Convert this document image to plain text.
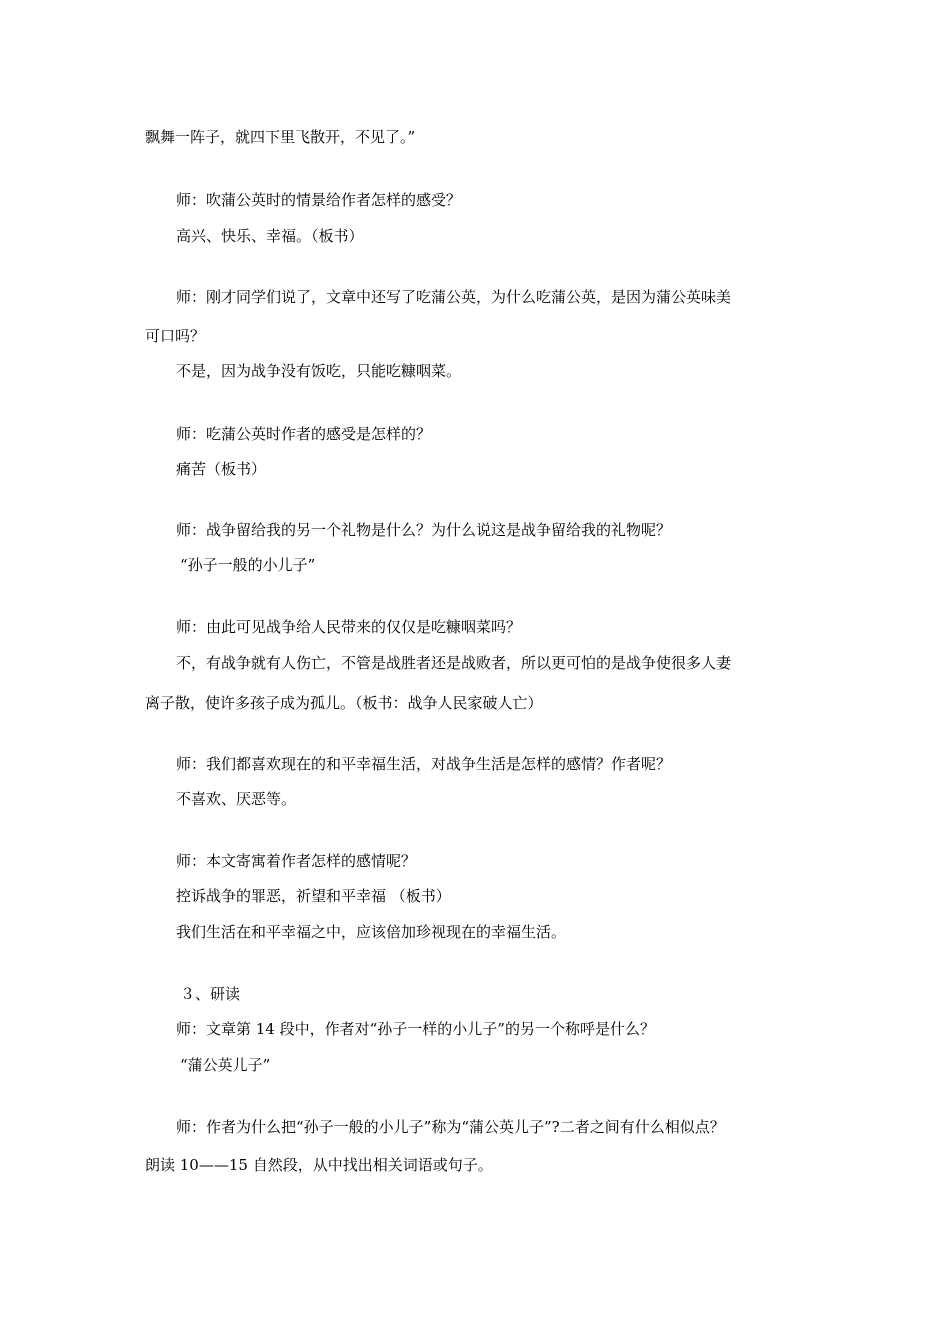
飘舞一阵子，就四下里飞散开，不见了。”
师：吹蒲公英时的情景给作者怎样的感受？
高兴、快乐、幸福。（板书）
师：刚才同学们说了，文章中还写了吃蒲公英，为什么吃蒲公英，是因为蒲公英味美
可口吗？
不是，因为战争没有饭吃，只能吃糠咽菜。
师：吃蒲公英时作者的感受是怎样的？
痛苦（板书）
师：战争留给我的另一个礼物是什么？为什么说这是战争留给我的礼物呢？
“孙子一般的小儿子”
师：由此可见战争给人民带来的仅仅是吃糠咽菜吗？
不，有战争就有人伤亡，不管是战胜者还是战败者，所以更可怕的是战争使很多人妻
离子散，使许多孩子成为孤儿。（板书：战争人民家破人亡）
师：我们都喜欢现在的和平幸福生活，对战争生活是怎样的感情？作者呢？
不喜欢、厌恶等。
师：本文寄寓着作者怎样的感情呢？
控诉战争的罪恶，祈望和平幸福 （板书）
我们生活在和平幸福之中，应该倍加珍视现在的幸福生活。
３、研读
师：文章第 14 段中，作者对“孙子一样的小儿子”的另一个称呼是什么？
“蒲公英儿子”
师：作者为什么把“孙子一般的小儿子”称为“蒲公英儿子”?二者之间有什么相似点？
朗读 10——15 自然段，从中找出相关词语或句子。
